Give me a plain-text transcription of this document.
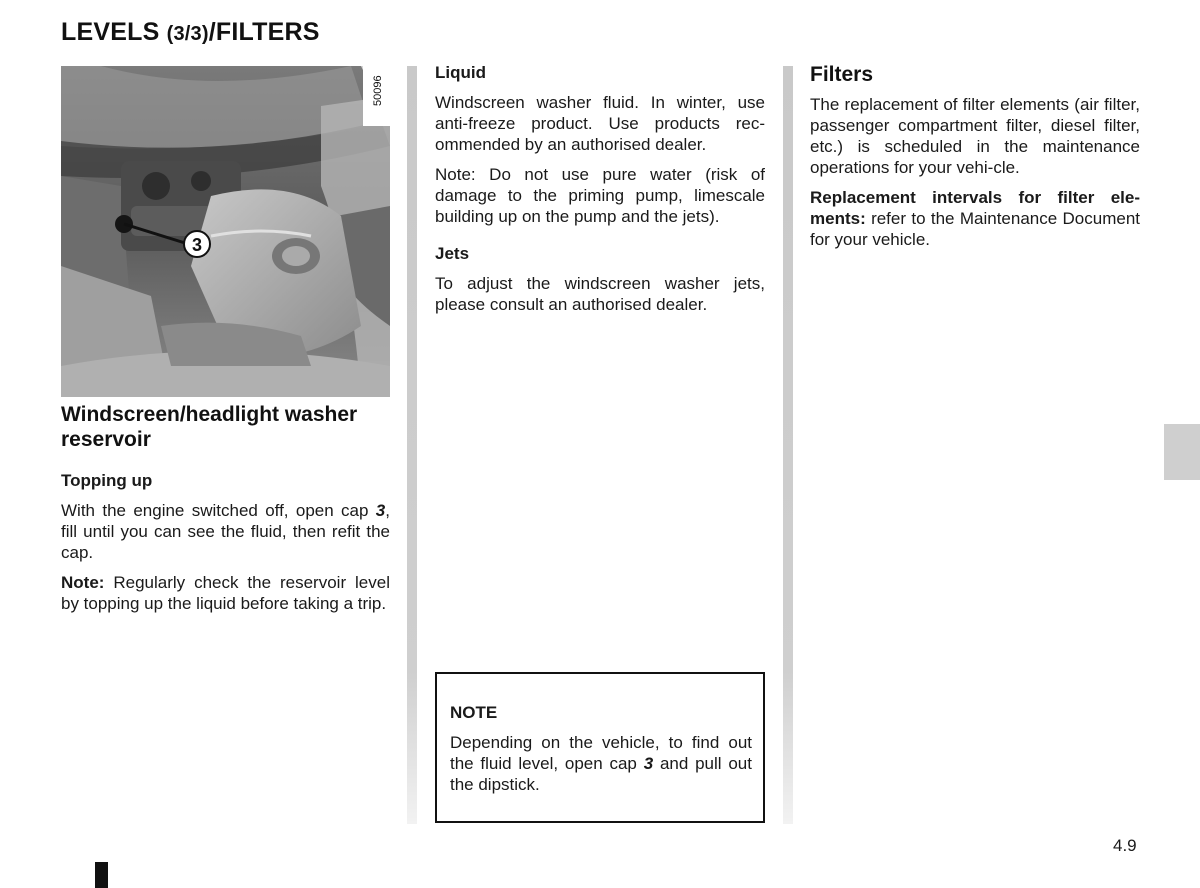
LEVELS (3/3)/FILTERS
50096
3
Windscreen/headlight washer reservoir
Topping up

With the engine switched off, open cap 3, fill until you can see the fluid, then refit the cap.

Note: Regularly check the reservoir level by topping up the liquid before taking a trip.

Liquid

Windscreen washer fluid. In winter, use anti-freeze product. Use products rec-ommended by an authorised dealer.

Note: Do not use pure water (risk of damage to the priming pump, limescale building up on the pump and the jets).

Jets

To adjust the windscreen washer jets, please consult an authorised dealer.

NOTE

Depending on the vehicle, to find out the fluid level, open cap 3 and pull out the dipstick.

Filters

The replacement of filter elements (air filter, passenger compartment filter, diesel filter, etc.) is scheduled in the maintenance operations for your vehi-cle.

Replacement intervals for filter ele-ments: refer to the Maintenance Document for your vehicle.

4.9
